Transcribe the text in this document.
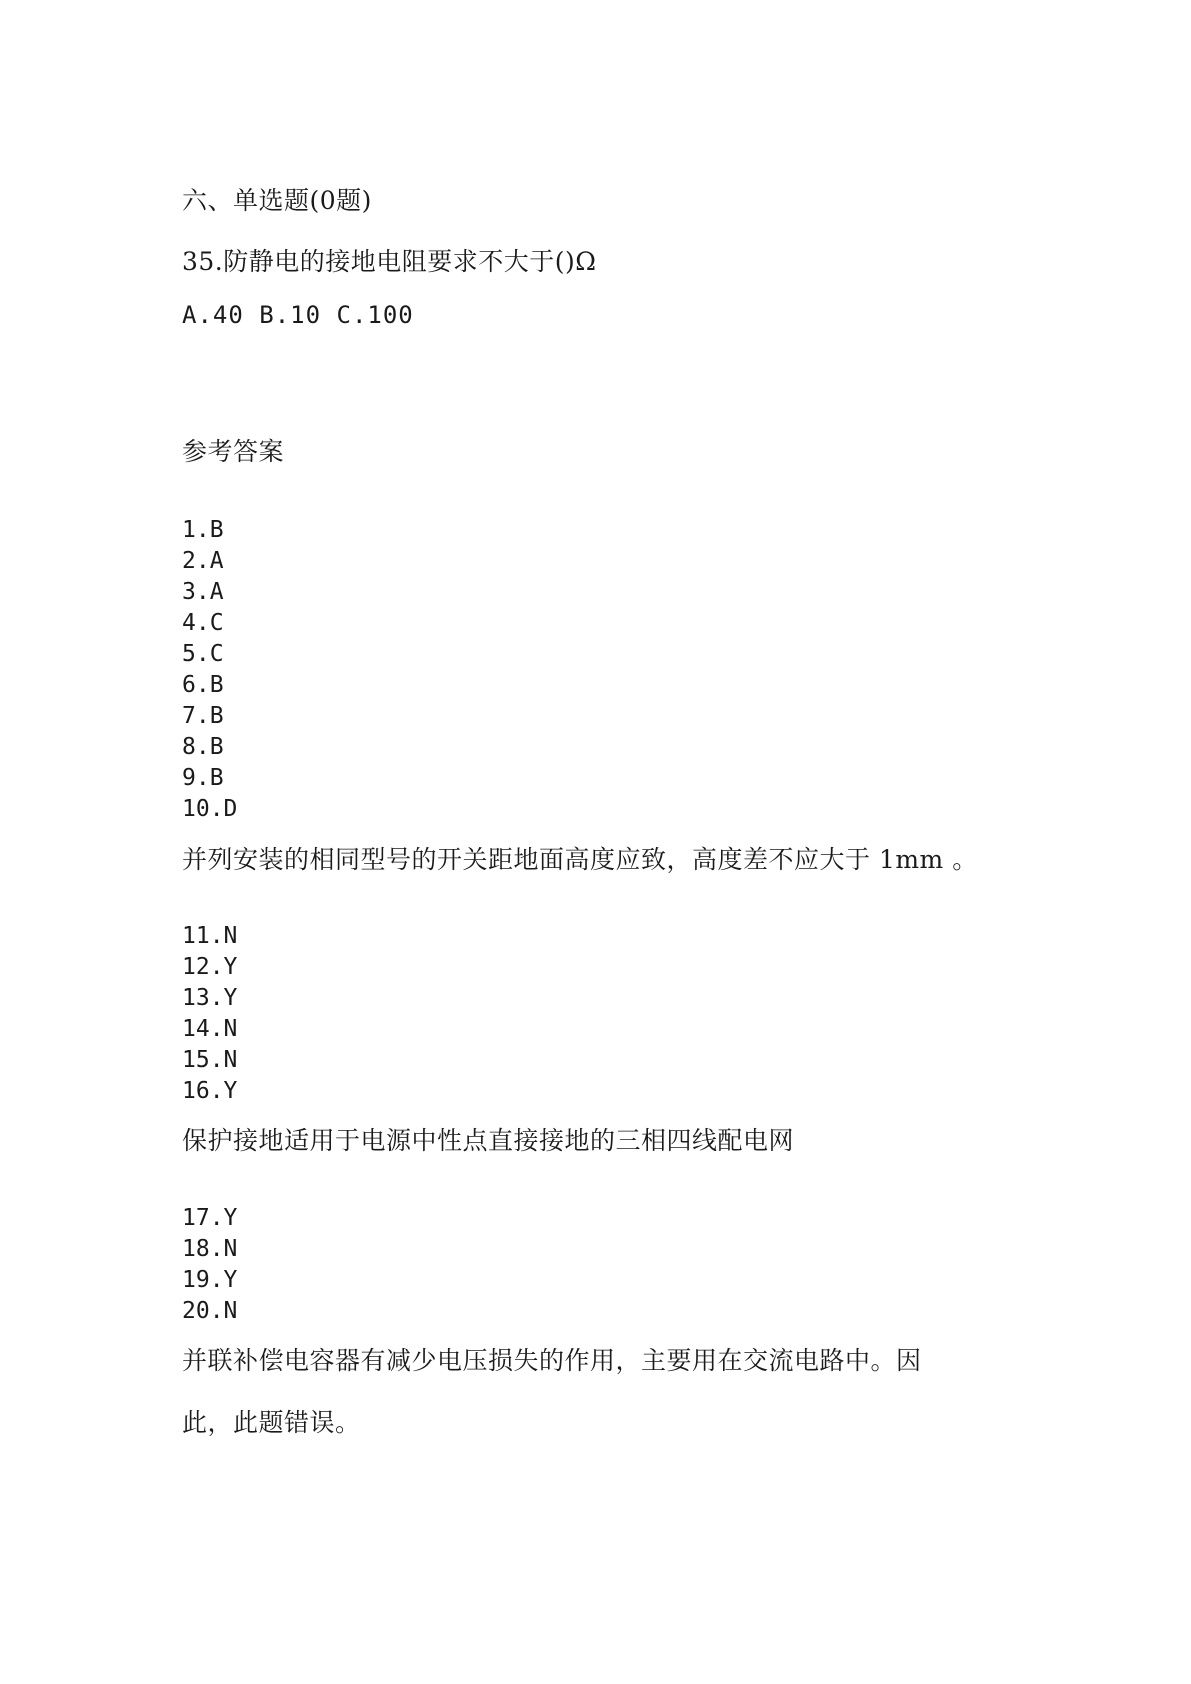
六、单选题(0题)
35.防静电的接地电阻要求不大于()Ω
A.40 B.10 C.100
参考答案
1.B
2.A
3.A
4.C
5.C
6.B
7.B
8.B
9.B
10.D
并列安装的相同型号的开关距地面高度应致，高度差不应大于 1mm 。
11.N
12.Y
13.Y
14.N
15.N
16.Y
保护接地适用于电源中性点直接接地的三相四线配电网
17.Y
18.N
19.Y
20.N
并联补偿电容器有减少电压损失的作用，主要用在交流电路中。因
此，此题错误。
